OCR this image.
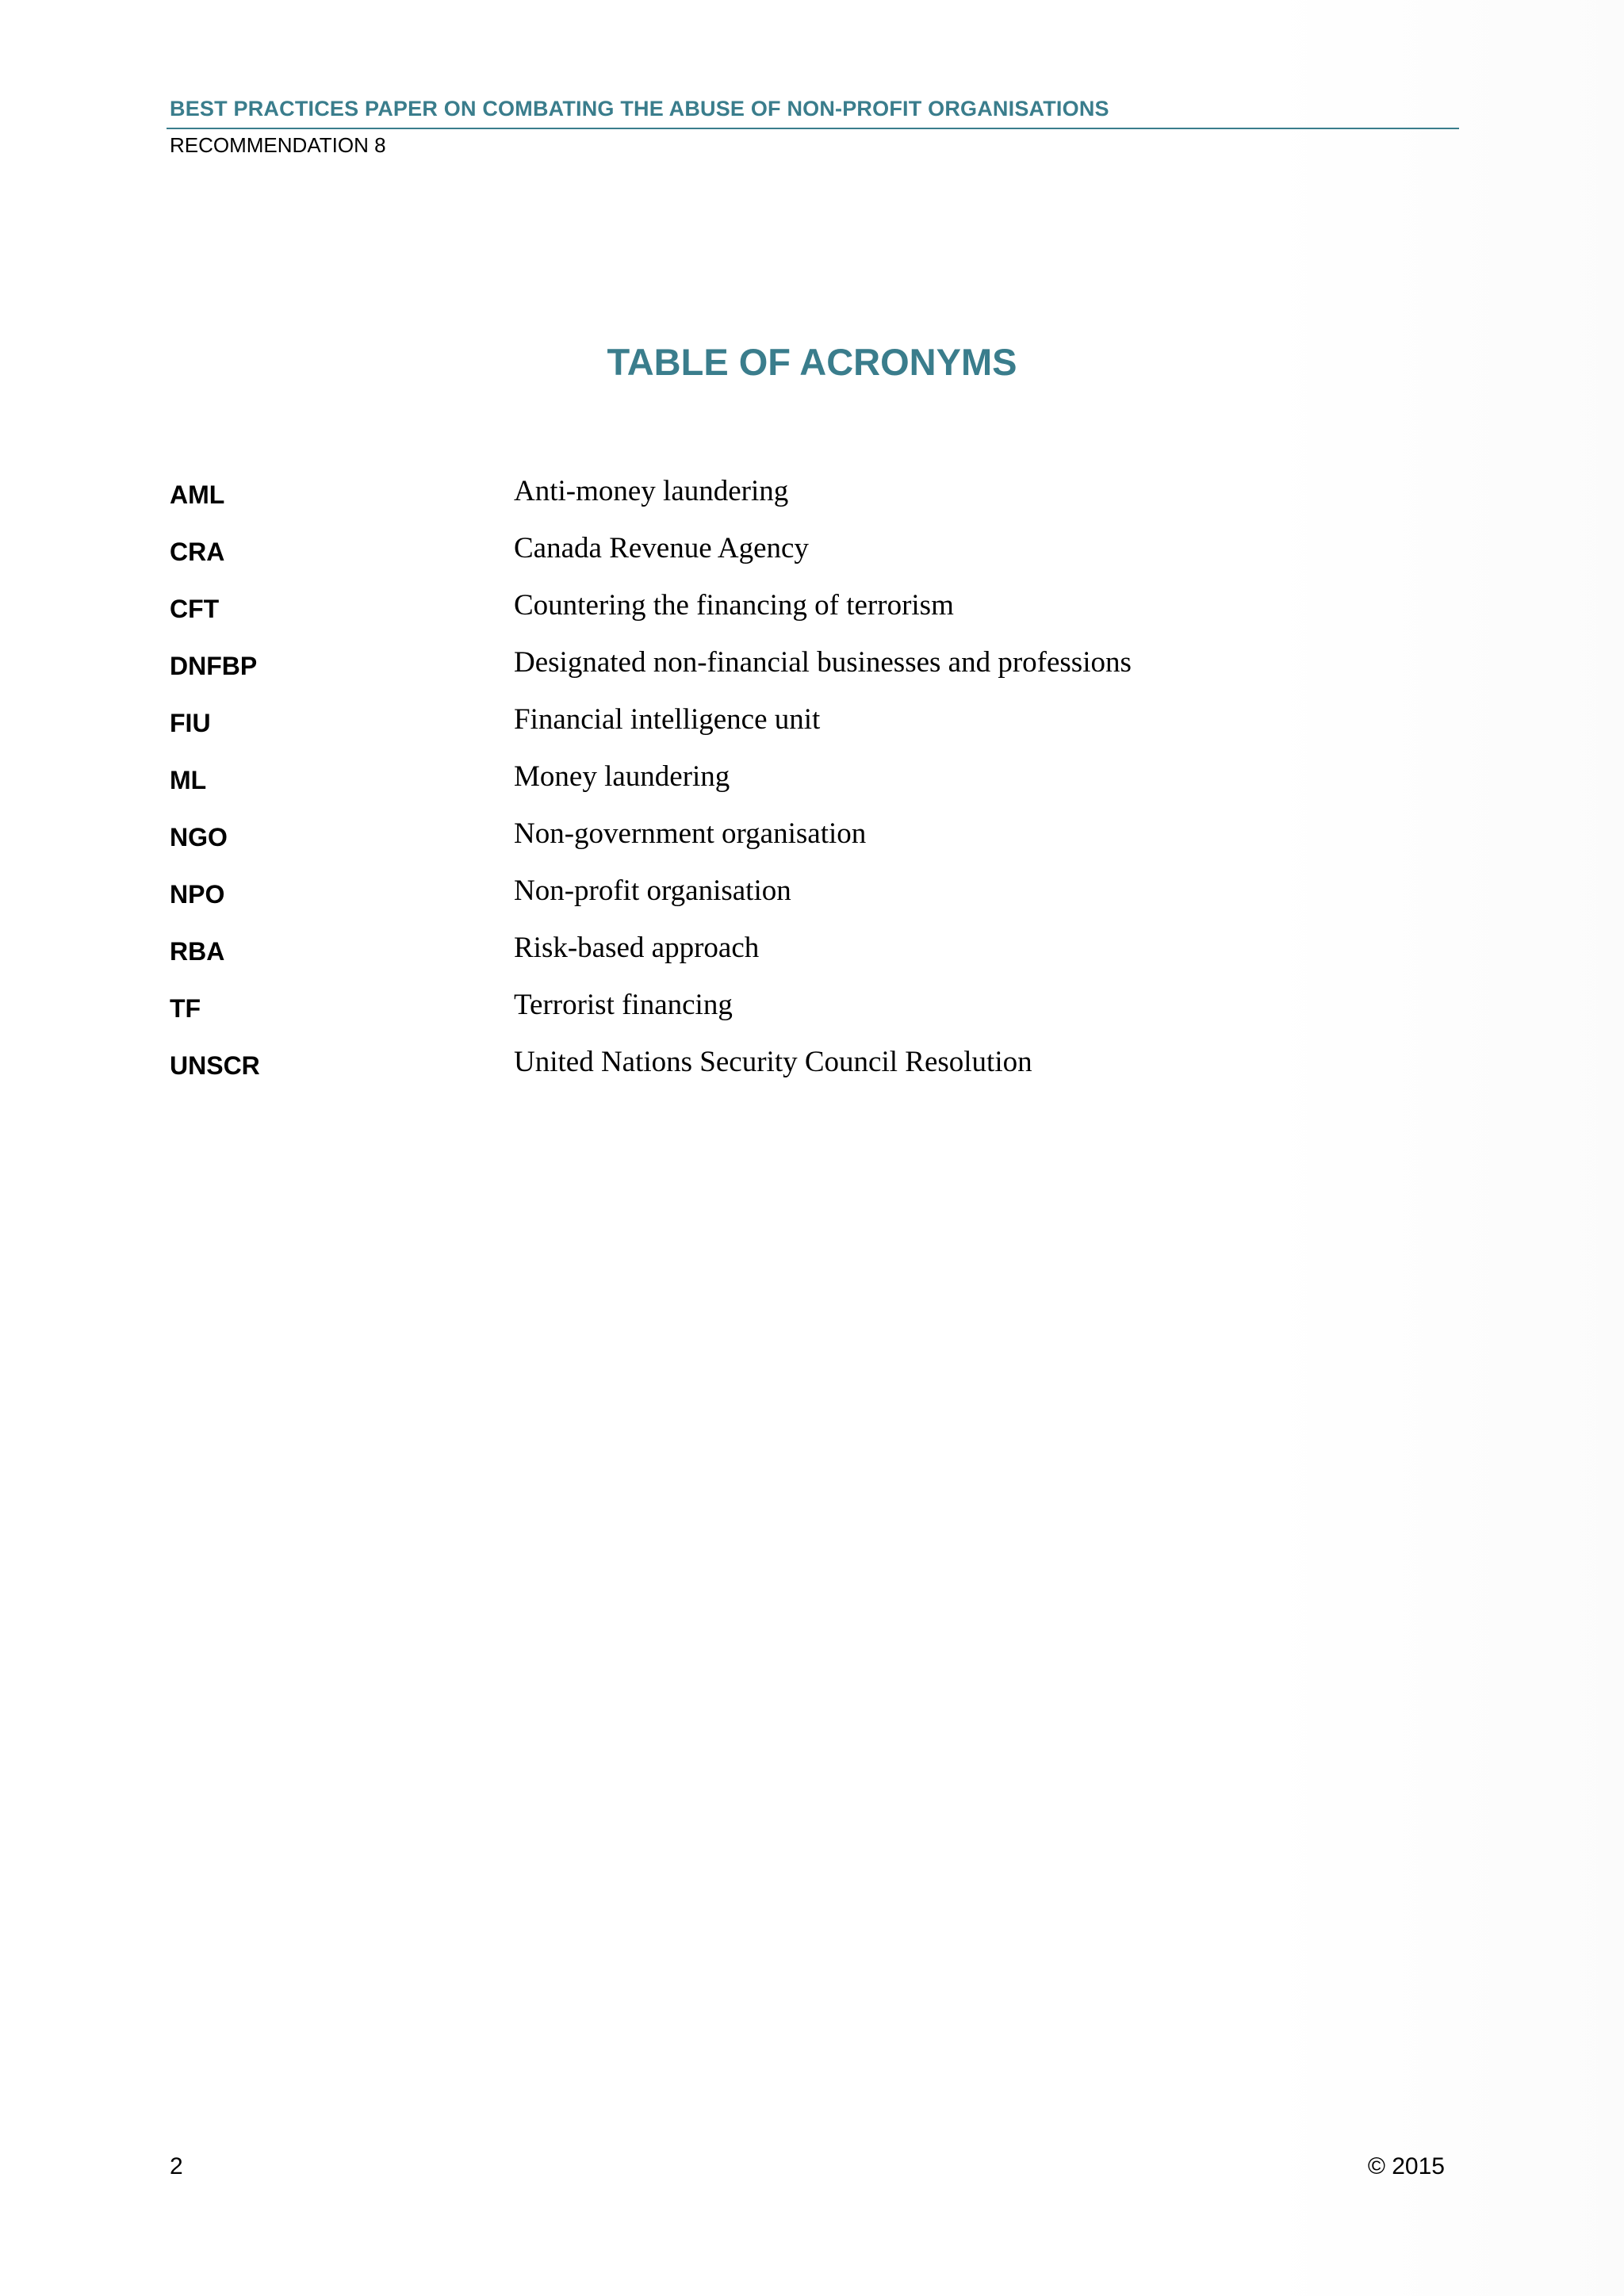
BEST PRACTICES PAPER ON COMBATING THE ABUSE OF NON-PROFIT ORGANISATIONS
RECOMMENDATION 8
TABLE OF ACRONYMS
AML	Anti-money laundering
CRA	Canada Revenue Agency
CFT	Countering the financing of terrorism
DNFBP	Designated non-financial businesses and professions
FIU	Financial intelligence unit
ML	Money laundering
NGO	Non-government organisation
NPO	Non-profit organisation
RBA	Risk-based approach
TF	Terrorist financing
UNSCR	United Nations Security Council Resolution
2	© 2015
